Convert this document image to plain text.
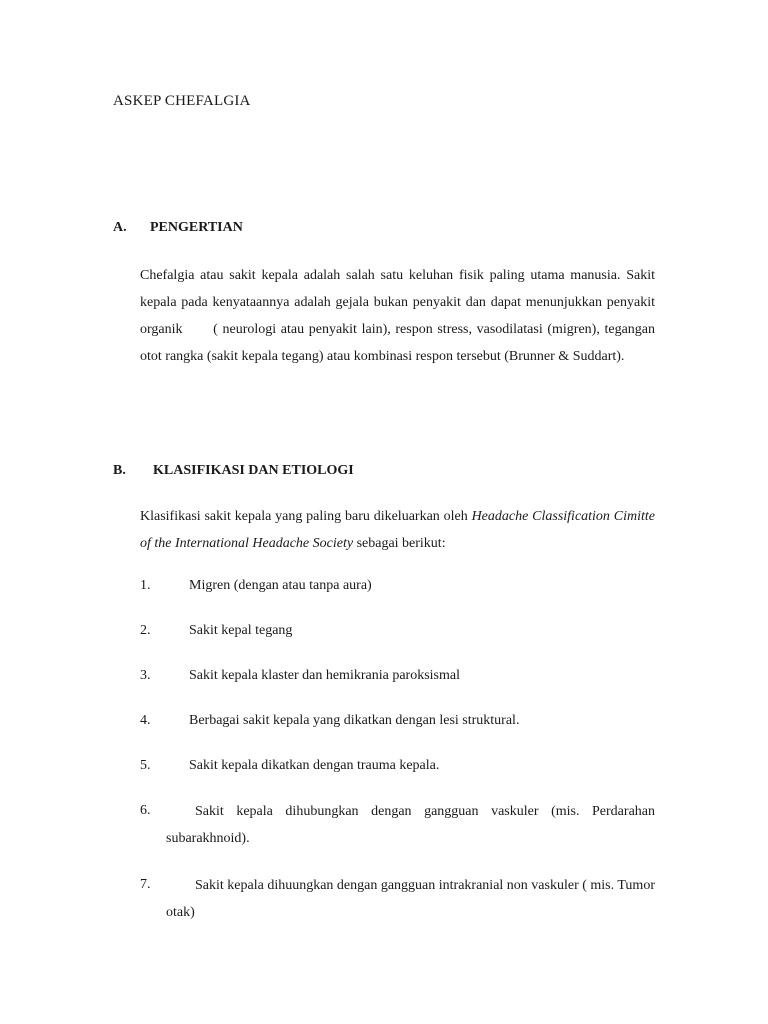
ASKEP CHEFALGIA
A. PENGERTIAN
Chefalgia atau sakit kepala adalah salah satu keluhan fisik paling utama manusia. Sakit kepala pada kenyataannya adalah gejala bukan penyakit dan dapat menunjukkan penyakit organik ( neurologi atau penyakit lain), respon stress, vasodilatasi (migren), tegangan otot rangka (sakit kepala tegang) atau kombinasi respon tersebut (Brunner & Suddart).
B. KLASIFIKASI DAN ETIOLOGI
Klasifikasi sakit kepala yang paling baru dikeluarkan oleh Headache Classification Cimitte of the International Headache Society sebagai berikut:
1.	Migren (dengan atau tanpa aura)
2.	Sakit kepal tegang
3.	Sakit kepala klaster dan hemikrania paroksismal
4.	Berbagai sakit kepala yang dikatkan dengan lesi struktural.
5.	Sakit kepala dikatkan dengan trauma kepala.
6.	Sakit kepala dihubungkan dengan gangguan vaskuler (mis. Perdarahan subarakhnoid).
7.	Sakit kepala dihuungkan dengan gangguan intrakranial non vaskuler ( mis. Tumor otak)
